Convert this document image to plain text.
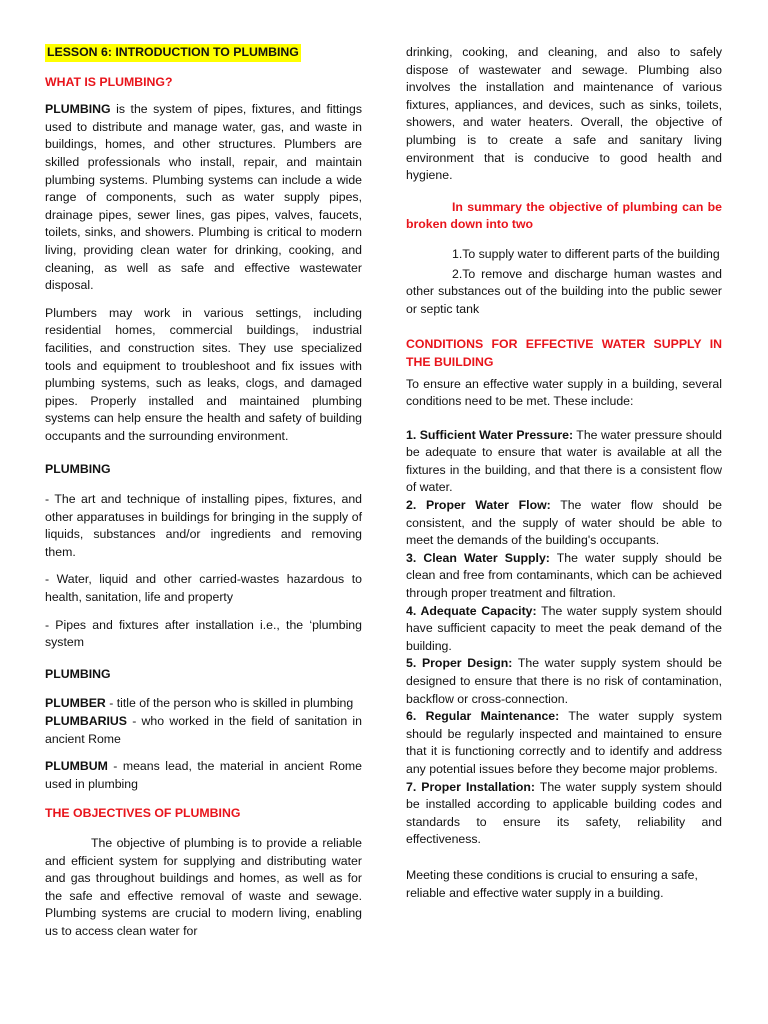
LESSON 6: INTRODUCTION TO PLUMBING

WHAT IS PLUMBING?

PLUMBING is the system of pipes, fixtures, and fittings used to distribute and manage water, gas, and waste in buildings, homes, and other structures. Plumbers are skilled professionals who install, repair, and maintain plumbing systems. Plumbing systems can include a wide range of components, such as water supply pipes, drainage pipes, sewer lines, gas pipes, valves, faucets, toilets, sinks, and showers. Plumbing is critical to modern living, providing clean water for drinking, cooking, and cleaning, as well as safe and effective wastewater disposal.

Plumbers may work in various settings, including residential homes, commercial buildings, industrial facilities, and construction sites. They use specialized tools and equipment to troubleshoot and fix issues with plumbing systems, such as leaks, clogs, and damaged pipes. Properly installed and maintained plumbing systems can help ensure the health and safety of building occupants and the surrounding environment.

PLUMBING

- The art and technique of installing pipes, fixtures, and other apparatuses in buildings for bringing in the supply of liquids, substances and/or ingredients and removing them.

- Water, liquid and other carried-wastes hazardous to health, sanitation, life and property

- Pipes and fixtures after installation i.e., the ‘plumbing system

PLUMBING

PLUMBER - title of the person who is skilled in plumbing

PLUMBARIUS - who worked in the field of sanitation in ancient Rome

PLUMBUM - means lead, the material in ancient Rome used in plumbing

THE OBJECTIVES OF PLUMBING

The objective of plumbing is to provide a reliable and efficient system for supplying and distributing water and gas throughout buildings and homes, as well as for the safe and effective removal of waste and sewage. Plumbing systems are crucial to modern living, enabling us to access clean water for

drinking, cooking, and cleaning, and also to safely dispose of wastewater and sewage. Plumbing also involves the installation and maintenance of various fixtures, appliances, and devices, such as sinks, toilets, showers, and water heaters. Overall, the objective of plumbing is to create a safe and sanitary living environment that is conducive to good health and hygiene.

In summary the objective of plumbing can be broken down into two

1.To supply water to different parts of the building

2.To remove and discharge human wastes and other substances out of the building into the public sewer or septic tank

CONDITIONS FOR EFFECTIVE WATER SUPPLY IN THE BUILDING

To ensure an effective water supply in a building, several conditions need to be met. These include:

1. Sufficient Water Pressure: The water pressure should be adequate to ensure that water is available at all the fixtures in the building, and that there is a consistent flow of water.

2. Proper Water Flow: The water flow should be consistent, and the supply of water should be able to meet the demands of the building's occupants.

3. Clean Water Supply: The water supply should be clean and free from contaminants, which can be achieved through proper treatment and filtration.

4. Adequate Capacity: The water supply system should have sufficient capacity to meet the peak demand of the building.

5. Proper Design: The water supply system should be designed to ensure that there is no risk of contamination, backflow or cross-connection.

6. Regular Maintenance: The water supply system should be regularly inspected and maintained to ensure that it is functioning correctly and to identify and address any potential issues before they become major problems.

7. Proper Installation: The water supply system should be installed according to applicable building codes and standards to ensure its safety, reliability and effectiveness.

Meeting these conditions is crucial to ensuring a safe, reliable and effective water supply in a building.
